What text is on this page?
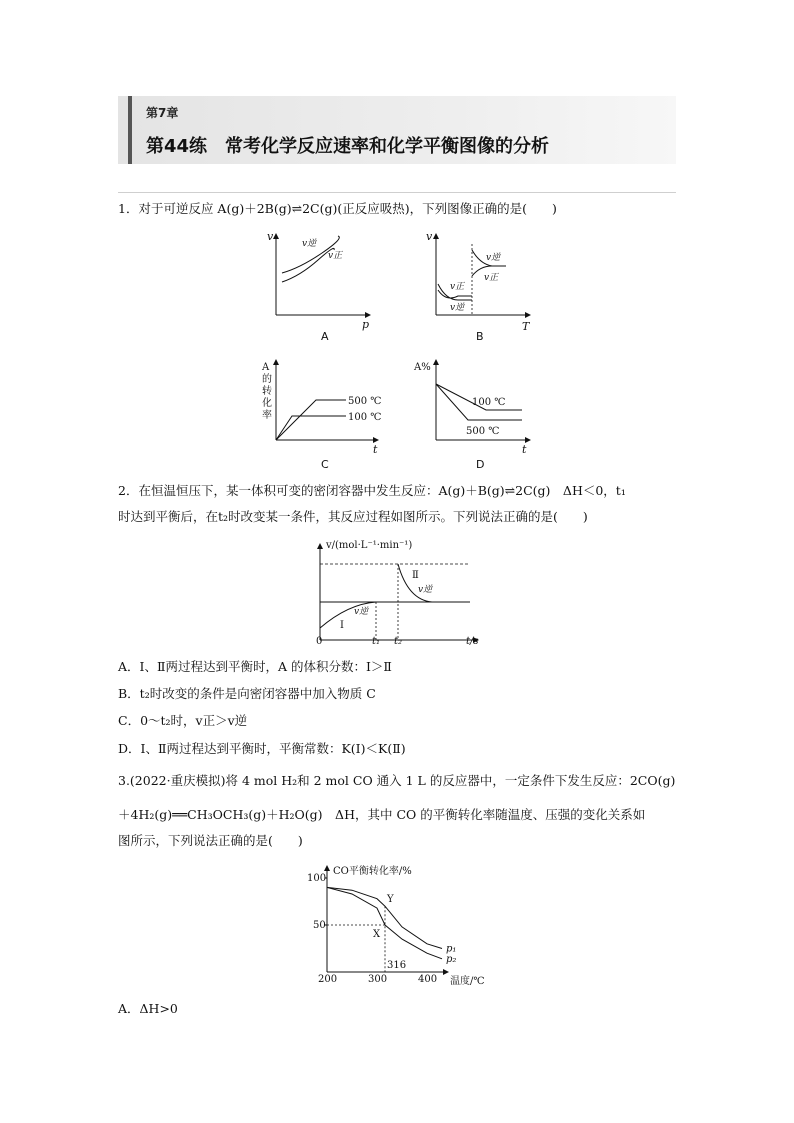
第7章
第44练　常考化学反应速率和化学平衡图像的分析
1．对于可逆反应 A(g)＋2B(g)⇌2C(g)(正反应吸热)，下列图像正确的是(　　)
v
p
v逆
v正
A
v
T
v正
v逆
v逆
v正
B
A
的
转
化
率
t
500 ℃
100 ℃
C
A%
t
100 ℃
500 ℃
D
v/(mol·L⁻¹·min⁻¹)
t/s
0
Ⅰ
Ⅱ
v逆
v逆
t₁ t₂
CO平衡转化率/%
温度/℃
200	300	400
50
100
p₁
p₂
X
Y
316
2．在恒温恒压下，某一体积可变的密闭容器中发生反应：A(g)＋B(g)⇌2C(g)　ΔH＜0，t₁
时达到平衡后，在t₂时改变某一条件，其反应过程如图所示。下列说法正确的是(　　)
A．Ⅰ、Ⅱ两过程达到平衡时，A 的体积分数：Ⅰ＞Ⅱ
B．t₂时改变的条件是向密闭容器中加入物质 C
C．0～t₂时，v正＞v逆
D．Ⅰ、Ⅱ两过程达到平衡时，平衡常数：K(Ⅰ)＜K(Ⅱ)
3.(2022·重庆模拟)将 4 mol H₂和 2 mol CO 通入 1 L 的反应器中，一定条件下发生反应：2CO(g)
＋4H₂(g)══CH₃OCH₃(g)＋H₂O(g)　ΔH，其中 CO 的平衡转化率随温度、压强的变化关系如
图所示，下列说法正确的是(　　)
A．ΔH>0
